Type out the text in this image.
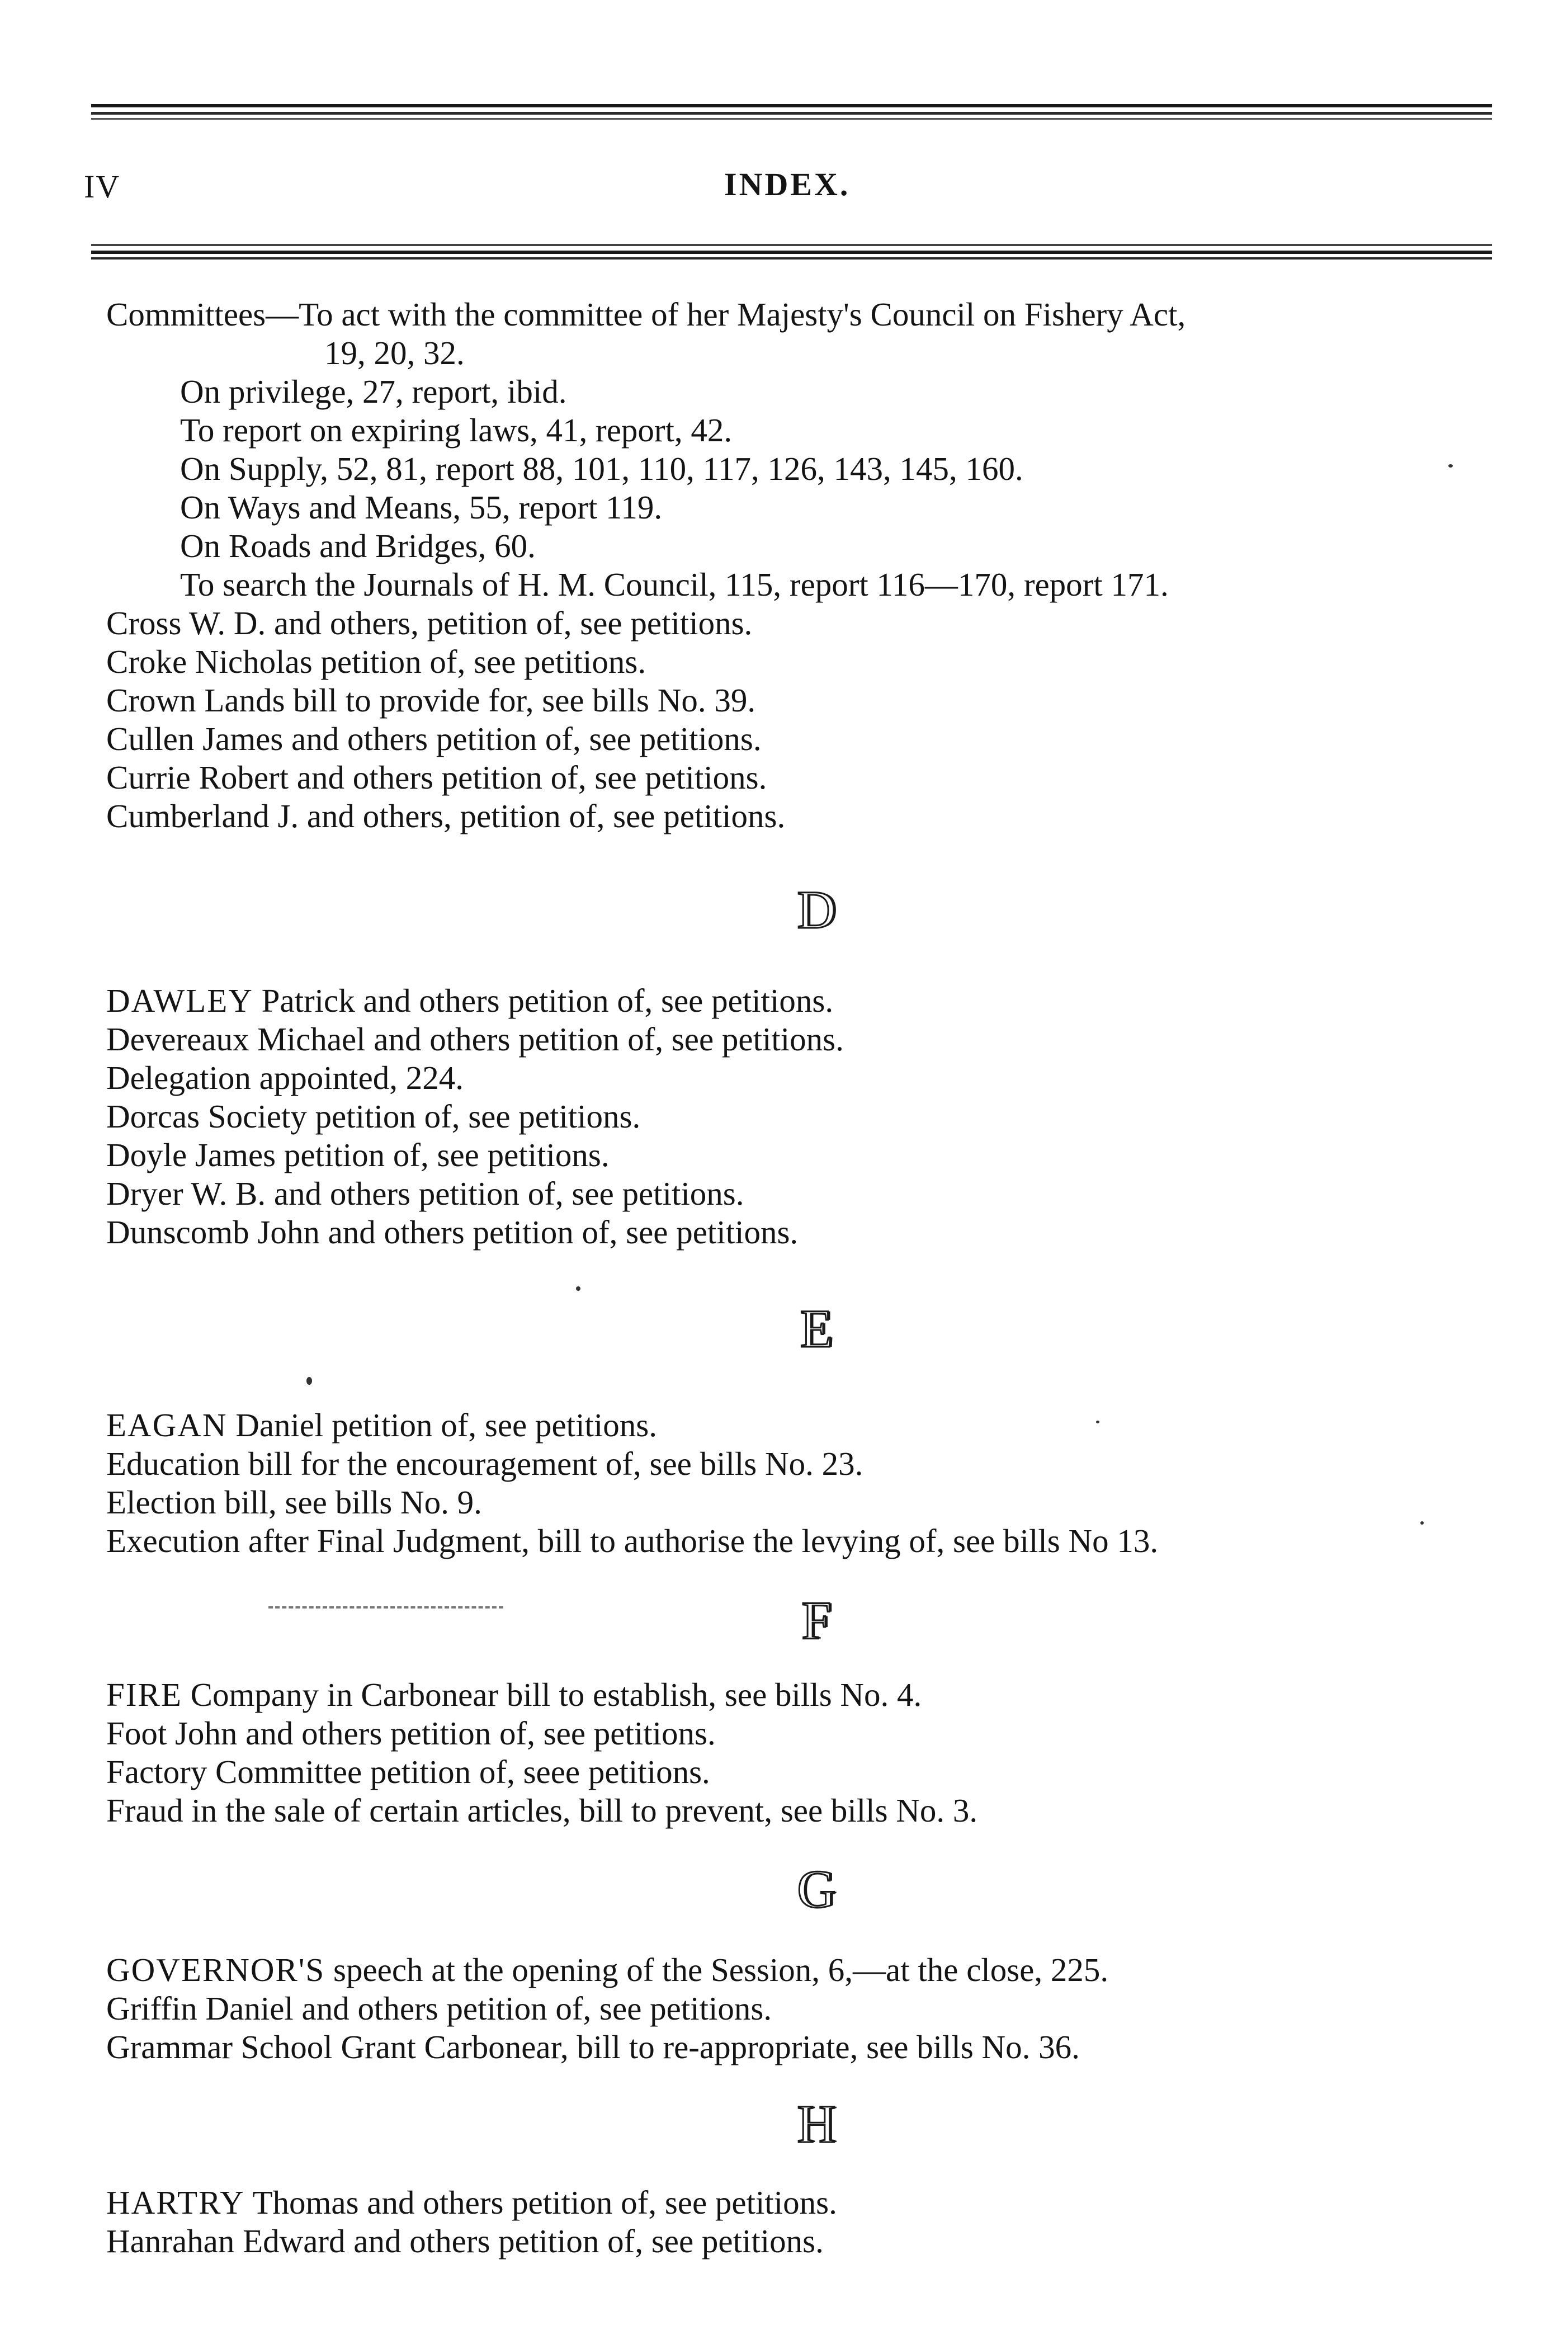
IV	INDEX.
Committees—To act with the committee of her Majesty's Council on Fishery Act,
19, 20, 32.
On privilege, 27, report, ibid.
To report on expiring laws, 41, report, 42.
On Supply, 52, 81, report 88, 101, 110, 117, 126, 143, 145, 160.
On Ways and Means, 55, report 119.
On Roads and Bridges, 60.
To search the Journals of H. M. Council, 115, report 116—170, report 171.
Cross W. D. and others, petition of, see petitions.
Croke Nicholas petition of, see petitions.
Crown Lands bill to provide for, see bills No. 39.
Cullen James and others petition of, see petitions.
Currie Robert and others petition of, see petitions.
Cumberland J. and others, petition of, see petitions.
D
DAWLEY Patrick and others petition of, see petitions.
Devereaux Michael and others petition of, see petitions.
Delegation appointed, 224.
Dorcas Society petition of, see petitions.
Doyle James petition of, see petitions.
Dryer W. B. and others petition of, see petitions.
Dunscomb John and others petition of, see petitions.
E
EAGAN Daniel petition of, see petitions.
Education bill for the encouragement of, see bills No. 23.
Election bill, see bills No. 9.
Execution after Final Judgment, bill to authorise the levying of, see bills No 13.
F
FIRE Company in Carbonear bill to establish, see bills No. 4.
Foot John and others petition of, see petitions.
Factory Committee petition of, seee petitions.
Fraud in the sale of certain articles, bill to prevent, see bills No. 3.
G
GOVERNOR'S speech at the opening of the Session, 6,—at the close, 225.
Griffin Daniel and others petition of, see petitions.
Grammar School Grant Carbonear, bill to re-appropriate, see bills No. 36.
H
HARTRY Thomas and others petition of, see petitions.
Hanrahan Edward and others petition of, see petitions.
